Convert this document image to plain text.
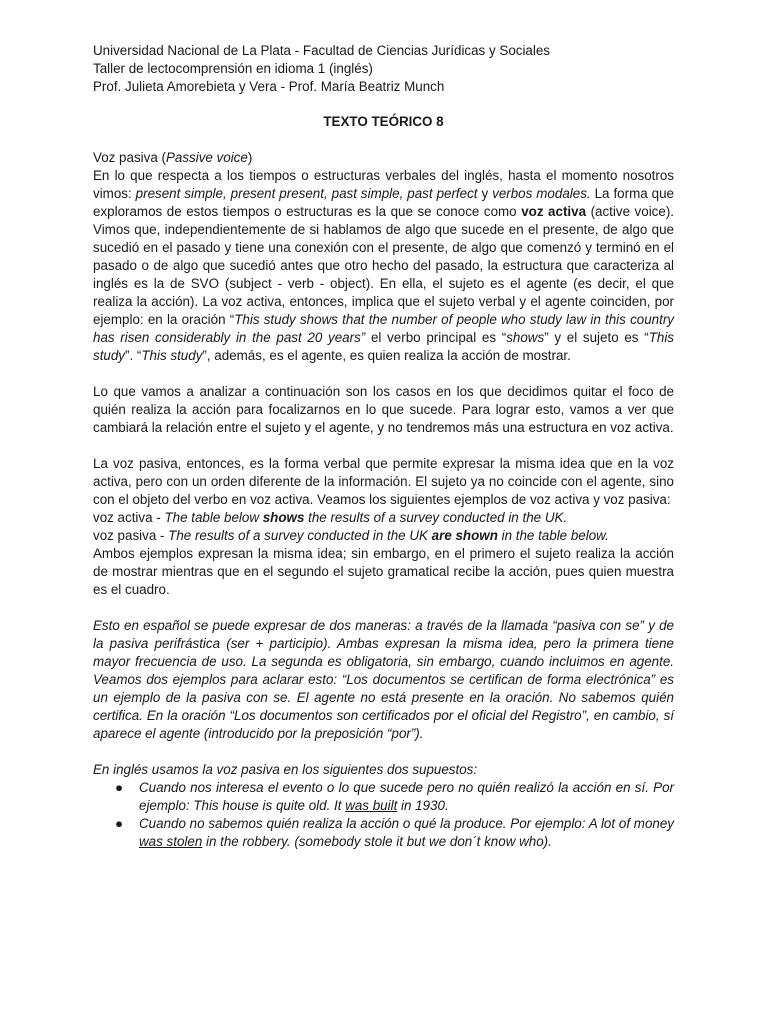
Universidad Nacional de La Plata - Facultad de Ciencias Jurídicas y Sociales

Taller de lectocomprensión en idioma 1 (inglés)

Prof. Julieta Amorebieta y Vera - Prof. María Beatriz Munch

TEXTO TEÓRICO 8

Voz pasiva (Passive voice)

En lo que respecta a los tiempos o estructuras verbales del inglés, hasta el momento nosotros vimos: present simple, present present, past simple, past perfect y verbos modales. La forma que exploramos de estos tiempos o estructuras es la que se conoce como voz activa (active voice). Vimos que, independientemente de si hablamos de algo que sucede en el presente, de algo que sucedió en el pasado y tiene una conexión con el presente, de algo que comenzó y terminó en el pasado o de algo que sucedió antes que otro hecho del pasado, la estructura que caracteriza al inglés es la de SVO (subject - verb - object). En ella, el sujeto es el agente (es decir, el que realiza la acción). La voz activa, entonces, implica que el sujeto verbal y el agente coinciden, por ejemplo: en la oración “This study shows that the number of people who study law in this country has risen considerably in the past 20 years” el verbo principal es “shows” y el sujeto es “This study”. “This study”, además, es el agente, es quien realiza la acción de mostrar.

Lo que vamos a analizar a continuación son los casos en los que decidimos quitar el foco de quién realiza la acción para focalizarnos en lo que sucede. Para lograr esto, vamos a ver que cambiará la relación entre el sujeto y el agente, y no tendremos más una estructura en voz activa.

La voz pasiva, entonces, es la forma verbal que permite expresar la misma idea que en la voz activa, pero con un orden diferente de la información. El sujeto ya no coincide con el agente, sino con el objeto del verbo en voz activa. Veamos los siguientes ejemplos de voz activa y voz pasiva:

voz activa - The table below shows the results of a survey conducted in the UK.

voz pasiva - The results of a survey conducted in the UK are shown in the table below.

Ambos ejemplos expresan la misma idea; sin embargo, en el primero el sujeto realiza la acción de mostrar mientras que en el segundo el sujeto gramatical recibe la acción, pues quien muestra es el cuadro.

Esto en español se puede expresar de dos maneras: a través de la llamada “pasiva con se” y de la pasiva perifrástica (ser + participio). Ambas expresan la misma idea, pero la primera tiene mayor frecuencia de uso. La segunda es obligatoria, sin embargo, cuando incluimos en agente. Veamos dos ejemplos para aclarar esto: “Los documentos se certifican de forma electrónica” es un ejemplo de la pasiva con se. El agente no está presente en la oración. No sabemos quién certifica. En la oración “Los documentos son certificados por el oficial del Registro”, en cambio, sí aparece el agente (introducido por la preposición “por”).

En inglés usamos la voz pasiva en los siguientes dos supuestos:

● Cuando nos interesa el evento o lo que sucede pero no quién realizó la acción en sí. Por ejemplo: This house is quite old. It was built in 1930.
● Cuando no sabemos quién realiza la acción o qué la produce. Por ejemplo: A lot of money was stolen in the robbery. (somebody stole it but we don´t know who).
